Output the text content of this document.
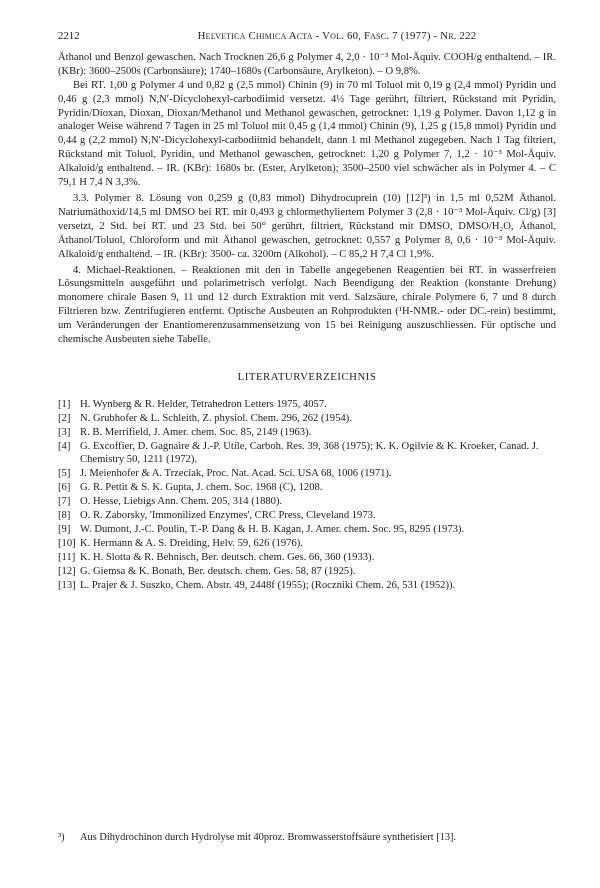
2212	Helvetica Chimica Acta - Vol. 60, Fasc. 7 (1977) - Nr. 222

Äthanol und Benzol gewaschen. Nach Trocknen 26,6 g Polymer 4, 2,0 · 10⁻³ Mol-Äquiv. COOH/g enthaltend. – IR. (KBr): 3600–2500s (Carbonsäure); 1740–1680s (Carbonsäure, Arylketon). – O 9,8%.

Bei RT. 1,00 g Polymer 4 und 0,82 g (2,5 mmol) Chinin (9) in 70 ml Toluol mit 0,19 g (2,4 mmol) Pyridin und 0,46 g (2,3 mmol) N,N′-Dicyclohexyl-carbodiimid versetzt. 4½ Tage gerührt, filtriert, Rückstand mit Pyridin, Pyridin/Dioxan, Dioxan, Dioxan/Methanol und Methanol gewaschen, getrocknet: 1,19 g Polymer. Davon 1,12 g in analoger Weise während 7 Tagen in 25 ml Toluol mit 0,45 g (1,4 mmol) Chinin (9), 1,25 g (15,8 mmol) Pyridin und 0,44 g (2,2 mmol) N,N′-Dicyclohexyl-carbodiimid behandelt, dann 1 ml Methanol zugegeben. Nach 1 Tag filtriert, Rückstand mit Toluol, Pyridin, und Methanol gewaschen, getrocknet: 1,20 g Polymer 7, 1,2 · 10⁻³ Mol-Äquiv. Alkaloid/g enthaltend. – IR. (KBr): 1680s br. (Ester, Arylketon); 3500–2500 viel schwächer als in Polymer 4. – C 79,1 H 7,4 N 3,3%.

3.3. Polymer 8. Lösung von 0,259 g (0,83 mmol) Dihydrocuprein (10) [12]³) in 1,5 ml 0,52M Äthanol. Natriumäthoxid/14,5 ml DMSO bei RT. mit 0,493 g chlormethyliertem Polymer 3 (2,8 · 10⁻³ Mol-Äquiv. Cl/g) [3] versetzt, 2 Std. bei RT. und 23 Std. bei 50° gerührt, filtriert, Rückstand mit DMSO, DMSO/H₂O, Äthanol, Äthanol/Toluol, Chloroform und mit Äthanol gewaschen, getrocknet: 0,557 g Polymer 8, 0,6 · 10⁻³ Mol-Äquiv. Alkaloid/g enthaltend. – IR. (KBr): 3500- ca. 3200m (Alkohol). – C 85,2 H 7,4 Cl 1,9%.

4. Michael-Reaktionen. – Reaktionen mit den in Tabelle angegebenen Reagentien bei RT. in wasserfreien Lösungsmitteln ausgeführt und polarimetrisch verfolgt. Nach Beendigung der Reaktion (konstante Drehung) monomere chirale Basen 9, 11 und 12 durch Extraktion mit verd. Salzsäure, chirale Polymere 6, 7 und 8 durch Filtrieren bzw. Zentrifugieren entfernt. Optische Ausbeuten an Rohprodukten (¹H-NMR.- oder DC.-rein) bestimmt, um Veränderungen der Enantiomerenzusammensetzung von 15 bei Reinigung auszuschliessen. Für optische und chemische Ausbeuten siehe Tabelle.

LITERATURVERZEICHNIS
[1] H. Wynberg & R. Helder, Tetrahedron Letters 1975, 4057.
[2] N. Grubhofer & L. Schleith, Z. physiol. Chem. 296, 262 (1954).
[3] R. B. Merrifield, J. Amer. chem. Soc. 85, 2149 (1963).
[4] G. Excoffier, D. Gagnaire & J.-P. Utile, Carboh. Res. 39, 368 (1975); K. K. Ogilvie & K. Kroeker, Canad. J. Chemistry 50, 1211 (1972).
[5] J. Meienhofer & A. Trzeciak, Proc. Nat. Acad. Sci. USA 68, 1006 (1971).
[6] G. R. Pettit & S. K. Gupta, J. chem. Soc. 1968 (C), 1208.
[7] O. Hesse, Liebigs Ann. Chem. 205, 314 (1880).
[8] O. R. Zaborsky, 'Immonilized Enzymes', CRC Press, Cleveland 1973.
[9] W. Dumont, J.-C. Poulin, T.-P. Dang & H. B. Kagan, J. Amer. chem. Soc. 95, 8295 (1973).
[10] K. Hermann & A. S. Dreiding, Helv. 59, 626 (1976).
[11] K. H. Slotta & R. Behnisch, Ber. deutsch. chem. Ges. 66, 360 (1933).
[12] G. Giemsa & K. Bonath, Ber. deutsch. chem. Ges. 58, 87 (1925).
[13] L. Prajer & J. Suszko, Chem. Abstr. 49, 2448f (1955); (Roczniki Chem. 26, 531 (1952)).
³)	Aus Dihydrochinon durch Hydrolyse mit 40proz. Bromwasserstoffsäure synthetisiert [13].
